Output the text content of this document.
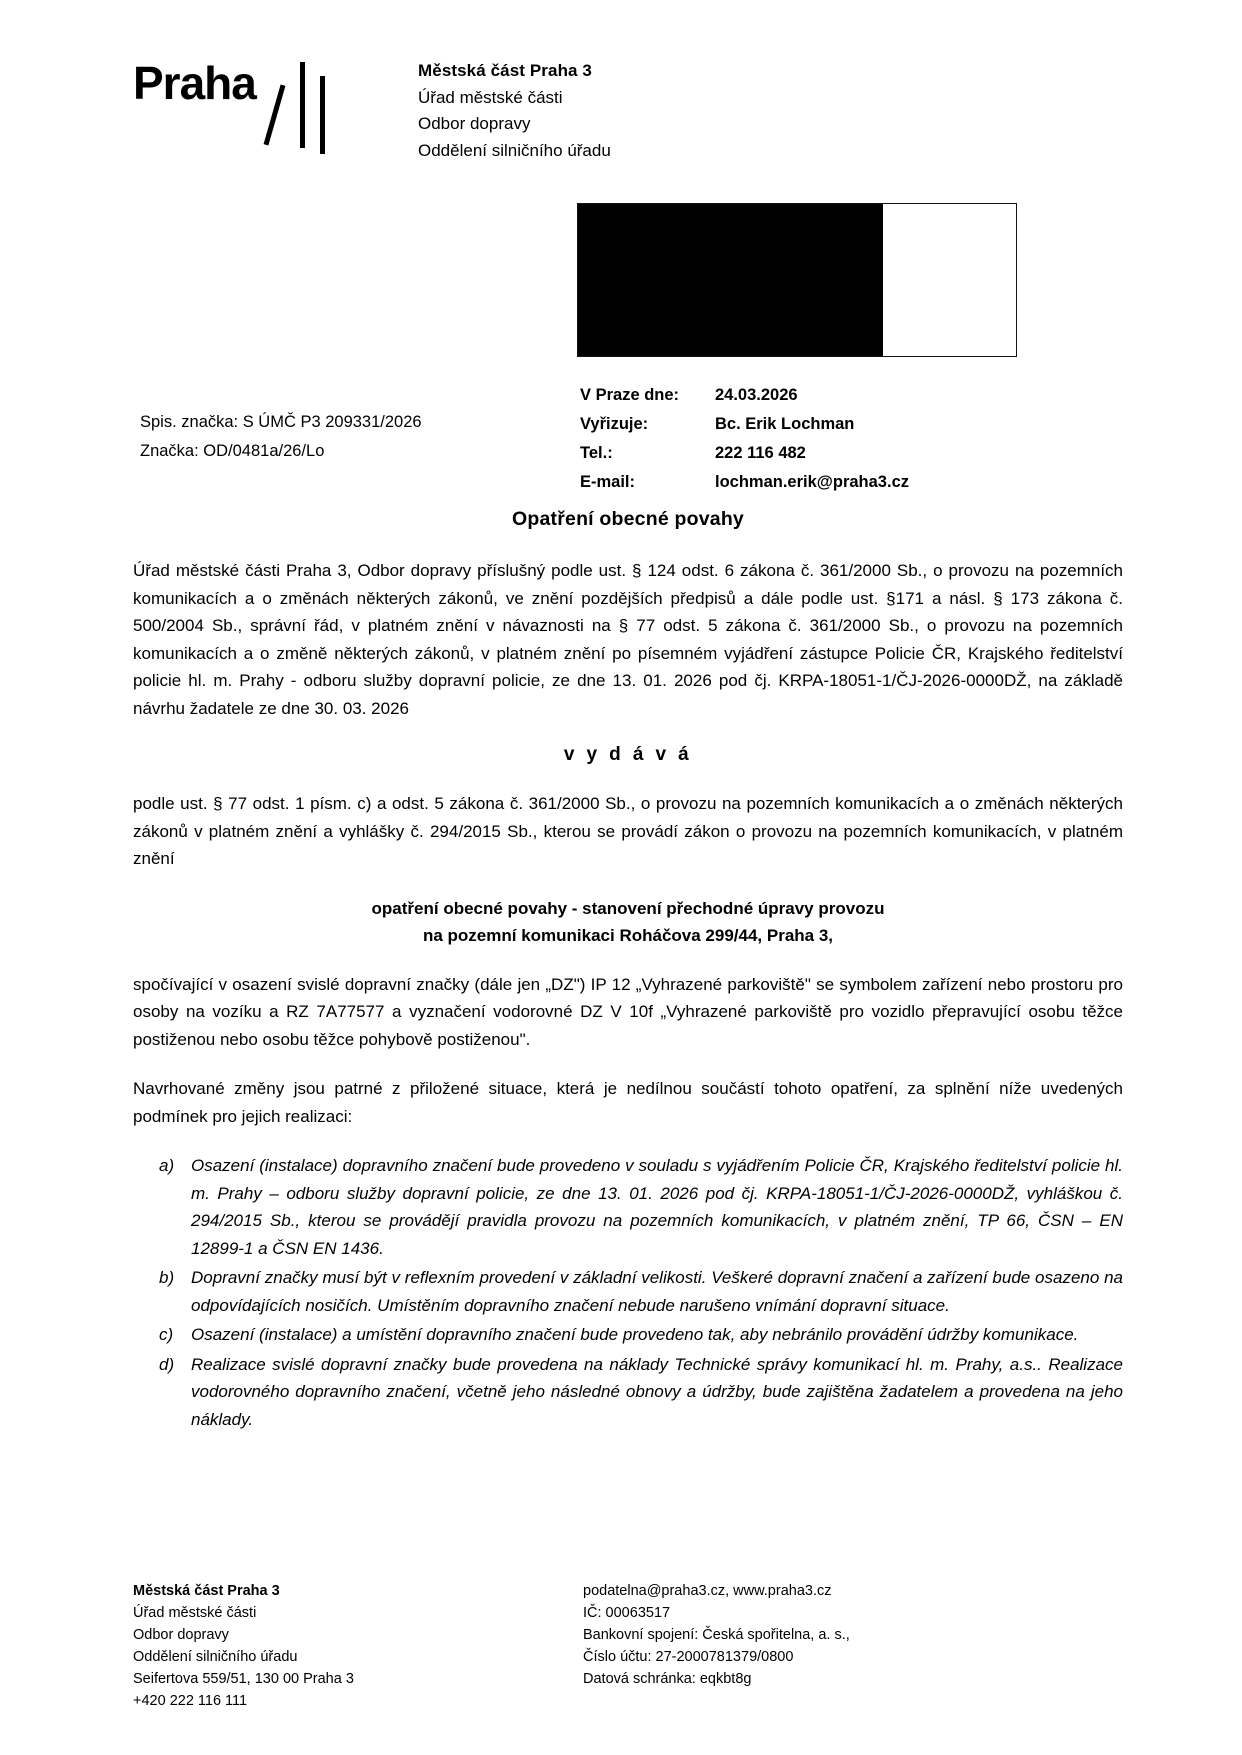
Praha	Městská část Praha 3
Úřad městské části
Odbor dopravy
Oddělení silničního úřadu
Spis. značka: S ÚMČ P3 209331/2026
Značka: OD/0481a/26/Lo
V Praze dne:	24.03.2026
Vyřizuje:	Bc. Erik Lochman
Tel.:	222 116 482
E-mail:	lochman.erik@praha3.cz
Opatření obecné povahy

Úřad městské části Praha 3, Odbor dopravy příslušný podle ust. § 124 odst. 6 zákona č. 361/2000 Sb., o provozu na pozemních komunikacích a o změnách některých zákonů, ve znění pozdějších předpisů a dále podle ust. §171 a násl. § 173 zákona č. 500/2004 Sb., správní řád, v platném znění v návaznosti na § 77 odst. 5 zákona č. 361/2000 Sb., o provozu na pozemních komunikacích a o změně některých zákonů, v platném znění po písemném vyjádření zástupce Policie ČR, Krajského ředitelství policie hl. m. Prahy - odboru služby dopravní policie, ze dne 13. 01. 2026 pod čj. KRPA-18051-1/ČJ-2026-0000DŽ, na základě návrhu žadatele ze dne 30. 03. 2026

v y d á v á

podle ust. § 77 odst. 1 písm. c) a odst. 5 zákona č. 361/2000 Sb., o provozu na pozemních komunikacích a o změnách některých zákonů v platném znění a vyhlášky č. 294/2015 Sb., kterou se provádí zákon o provozu na pozemních komunikacích, v platném znění

opatření obecné povahy - stanovení přechodné úpravy provozu
na pozemní komunikaci Roháčova 299/44, Praha 3,

spočívající v osazení svislé dopravní značky (dále jen „DZ") IP 12 „Vyhrazené parkoviště" se symbolem zařízení nebo prostoru pro osoby na vozíku a RZ 7A77577 a vyznačení vodorovné DZ V 10f „Vyhrazené parkoviště pro vozidlo přepravující osobu těžce postiženou nebo osobu těžce pohybově postiženou".

Navrhované změny jsou patrné z přiložené situace, která je nedílnou součástí tohoto opatření, za splnění níže uvedených podmínek pro jejich realizaci:

a) Osazení (instalace) dopravního značení bude provedeno v souladu s vyjádřením Policie ČR, Krajského ředitelství policie hl. m. Prahy – odboru služby dopravní policie, ze dne 13. 01. 2026 pod čj. KRPA-18051-1/ČJ-2026-0000DŽ, vyhláškou č. 294/2015 Sb., kterou se provádějí pravidla provozu na pozemních komunikacích, v platném znění, TP 66, ČSN – EN 12899-1 a ČSN EN 1436.
b) Dopravní značky musí být v reflexním provedení v základní velikosti. Veškeré dopravní značení a zařízení bude osazeno na odpovídajících nosičích. Umístěním dopravního značení nebude narušeno vnímání dopravní situace.
c)	Osazení (instalace) a umístění dopravního značení bude provedeno tak, aby nebránilo provádění údržby komunikace.
d) Realizace svislé dopravní značky bude provedena na náklady Technické správy komunikací hl. m. Prahy, a.s.. Realizace vodorovného dopravního značení, včetně jeho následné obnovy a údržby, bude zajištěna žadatelem a provedena na jeho náklady.
Městská část Praha 3
Úřad městské části
Odbor dopravy
Oddělení silničního úřadu
Seifertova 559/51, 130 00 Praha 3
+420 222 116 111
podatelna@praha3.cz, www.praha3.cz
IČ: 00063517
Bankovní spojení: Česká spořitelna, a. s.,
Číslo účtu: 27-2000781379/0800
Datová schránka: eqkbt8g
